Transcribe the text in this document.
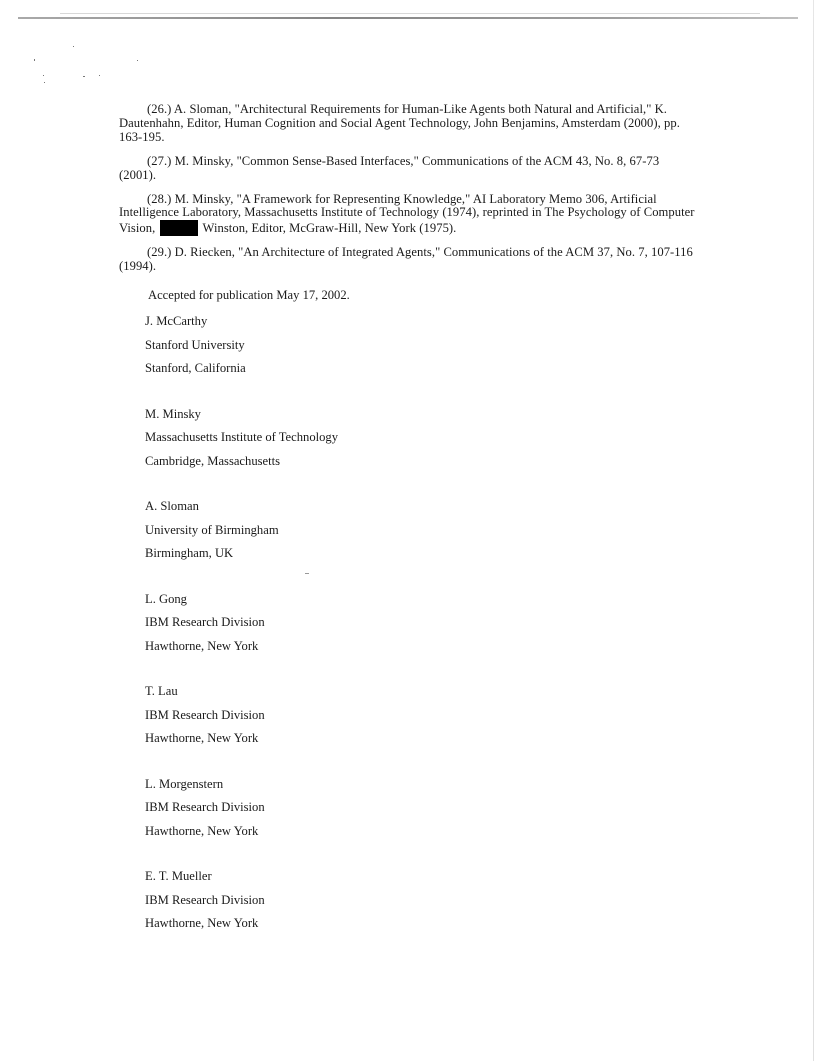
(26.) A. Sloman, "Architectural Requirements for Human-Like Agents both Natural and Artificial," K. Dautenhahn, Editor, Human Cognition and Social Agent Technology, John Benjamins, Amsterdam (2000), pp. 163-195.

(27.) M. Minsky, "Common Sense-Based Interfaces," Communications of the ACM 43, No. 8, 67-73 (2001).

(28.) M. Minsky, "A Framework for Representing Knowledge," AI Laboratory Memo 306, Artificial Intelligence Laboratory, Massachusetts Institute of Technology (1974), reprinted in The Psychology of Computer Vision,	Winston, Editor, McGraw-Hill, New York (1975).

(29.) D. Riecken, "An Architecture of Integrated Agents," Communications of the ACM 37, No. 7, 107-116 (1994).

Accepted for publication May 17, 2002.
J. McCarthy
Stanford University
Stanford, California
M. Minsky
Massachusetts Institute of Technology
Cambridge, Massachusetts
A. Sloman
University of Birmingham
Birmingham, UK
L. Gong
IBM Research Division
Hawthorne, New York
T. Lau
IBM Research Division
Hawthorne, New York
L. Morgenstern
IBM Research Division
Hawthorne, New York
E. T. Mueller
IBM Research Division
Hawthorne, New York
